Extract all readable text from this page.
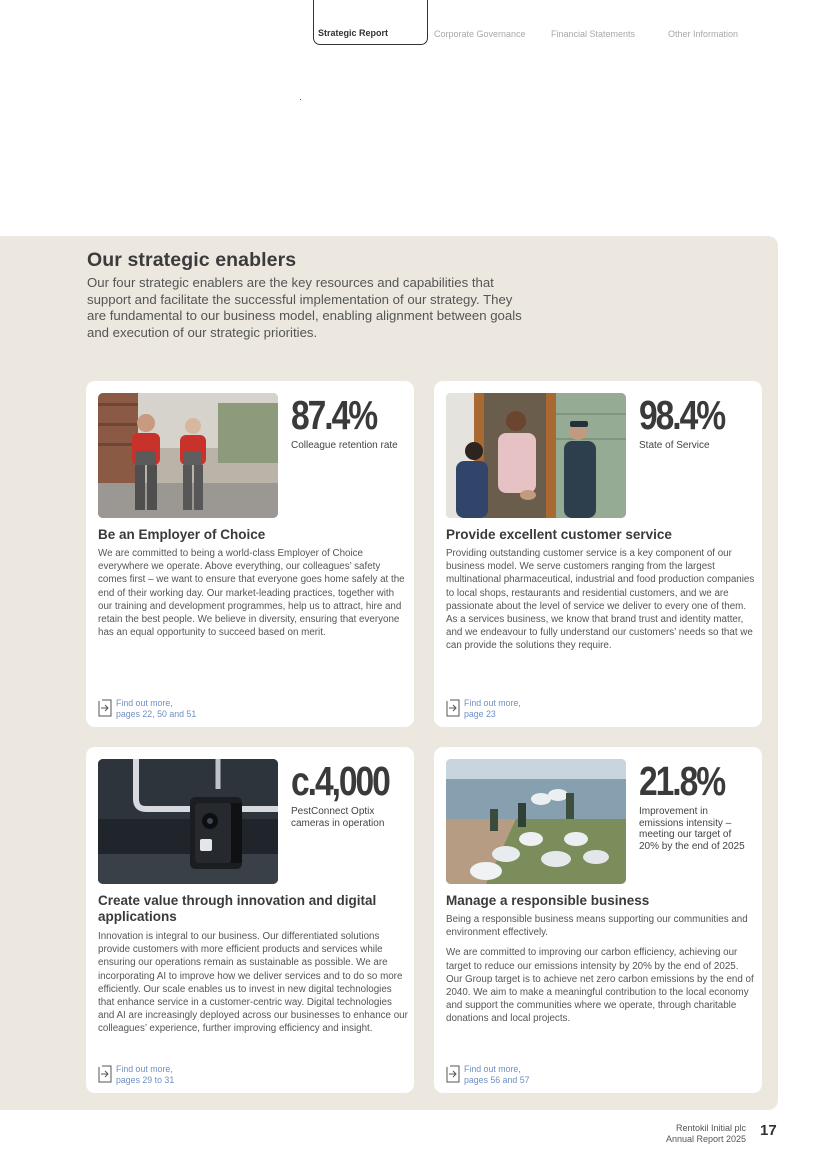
Strategic Report	Corporate Governance	Financial Statements	Other Information
Our strategic enablers

Our four strategic enablers are the key resources and capabilities that support and facilitate the successful implementation of our strategy. They are fundamental to our business model, enabling alignment between goals and execution of our strategic priorities.

87.4%
Colleague retention rate
Be an Employer of Choice

We are committed to being a world-class Employer of Choice everywhere we operate. Above everything, our colleagues’ safety comes first – we want to ensure that everyone goes home safely at the end of their working day. Our market-leading practices, together with our training and development programmes, help us to attract, hire and retain the best people. We believe in diversity, ensuring that everyone has an equal opportunity to succeed based on merit.

Find out more,
pages 22, 50 and 51
98.4%
State of Service
Provide excellent customer service

Providing outstanding customer service is a key component of our business model. We serve customers ranging from the largest multinational pharmaceutical, industrial and food production companies to local shops, restaurants and residential customers, and we are passionate about the level of service we deliver to every one of them. As a services business, we know that brand trust and identity matter, and we endeavour to fully understand our customers’ needs so that we can provide the solutions they require.

Find out more,
page 23
c.4,000
PestConnect Optix cameras in operation
Create value through innovation and digital applications

Innovation is integral to our business. Our differentiated solutions provide customers with more efficient products and services while ensuring our operations remain as sustainable as possible. We are incorporating AI to improve how we deliver services and to do so more efficiently. Our scale enables us to invest in new digital technologies that enhance service in a customer-centric way. Digital technologies and AI are increasingly deployed across our businesses to enhance our colleagues’ experience, further improving efficiency and insight.

Find out more,
pages 29 to 31
21.8%
Improvement in emissions intensity – meeting our target of 20% by the end of 2025
Manage a responsible business

Being a responsible business means supporting our communities and environment effectively.

We are committed to improving our carbon efficiency, achieving our target to reduce our emissions intensity by 20% by the end of 2025. Our Group target is to achieve net zero carbon emissions by the end of 2040. We aim to make a meaningful contribution to the local economy and support the communities where we operate, through charitable donations and local projects.

Find out more,
pages 56 and 57
Rentokil Initial plc
Annual Report 2025 17
